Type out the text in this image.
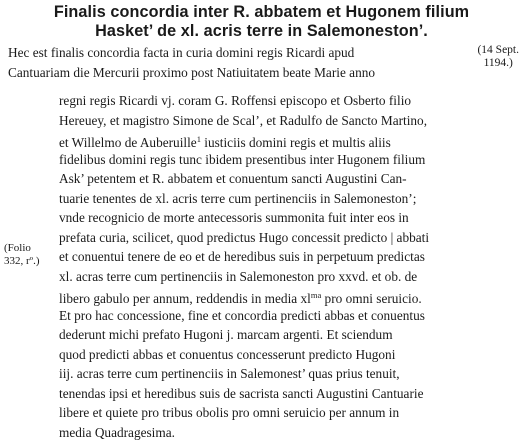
Finalis concordia inter R. abbatem et Hugonem filium
Hasket’ de xl. acris terre in Salemoneston’.
(14 Sept.
1194.)
(Folio
332, rº.)
Hec est finalis concordia facta in curia domini regis Ricardi apud
Cantuariam die Mercurii proximo post Natiuitatem beate Marie anno
regni regis Ricardi vj. coram G. Roffensi episcopo et Osberto filio
Hereuey, et magistro Simone de Scal’, et Radulfo de Sancto Martino,
et Willelmo de Auberuille$^1$ iusticiis domini regis et multis aliis
fidelibus domini regis tunc ibidem presentibus inter Hugonem filium
Ask’ petentem et R. abbatem et conuentum sancti Augustini Can-
tuarie tenentes de xl. acris terre cum pertinenciis in Salemoneston’;
vnde recognicio de morte antecessoris summonita fuit inter eos in
prefata curia, scilicet, quod predictus Hugo concessit predicto | abbati
et conuentui tenere de eo et de heredibus suis in perpetuum predictas
xl. acras terre cum pertinenciis in Salemoneston pro xxvd. et ob. de
libero gabulo per annum, reddendis in media $xl^{ma}$ pro omni seruicio.
Et pro hac concessione, fine et concordia predicti abbas et conuentus
dederunt michi prefato Hugoni j. marcam argenti. Et sciendum
quod predicti abbas et conuentus concesserunt predicto Hugoni
iij. acras terre cum pertinenciis in Salemonest’ quas prius tenuit,
tenendas ipsi et heredibus suis de sacrista sancti Augustini Cantuarie
libere et quiete pro tribus obolis pro omni seruicio per annum in
media Quadragesima.
